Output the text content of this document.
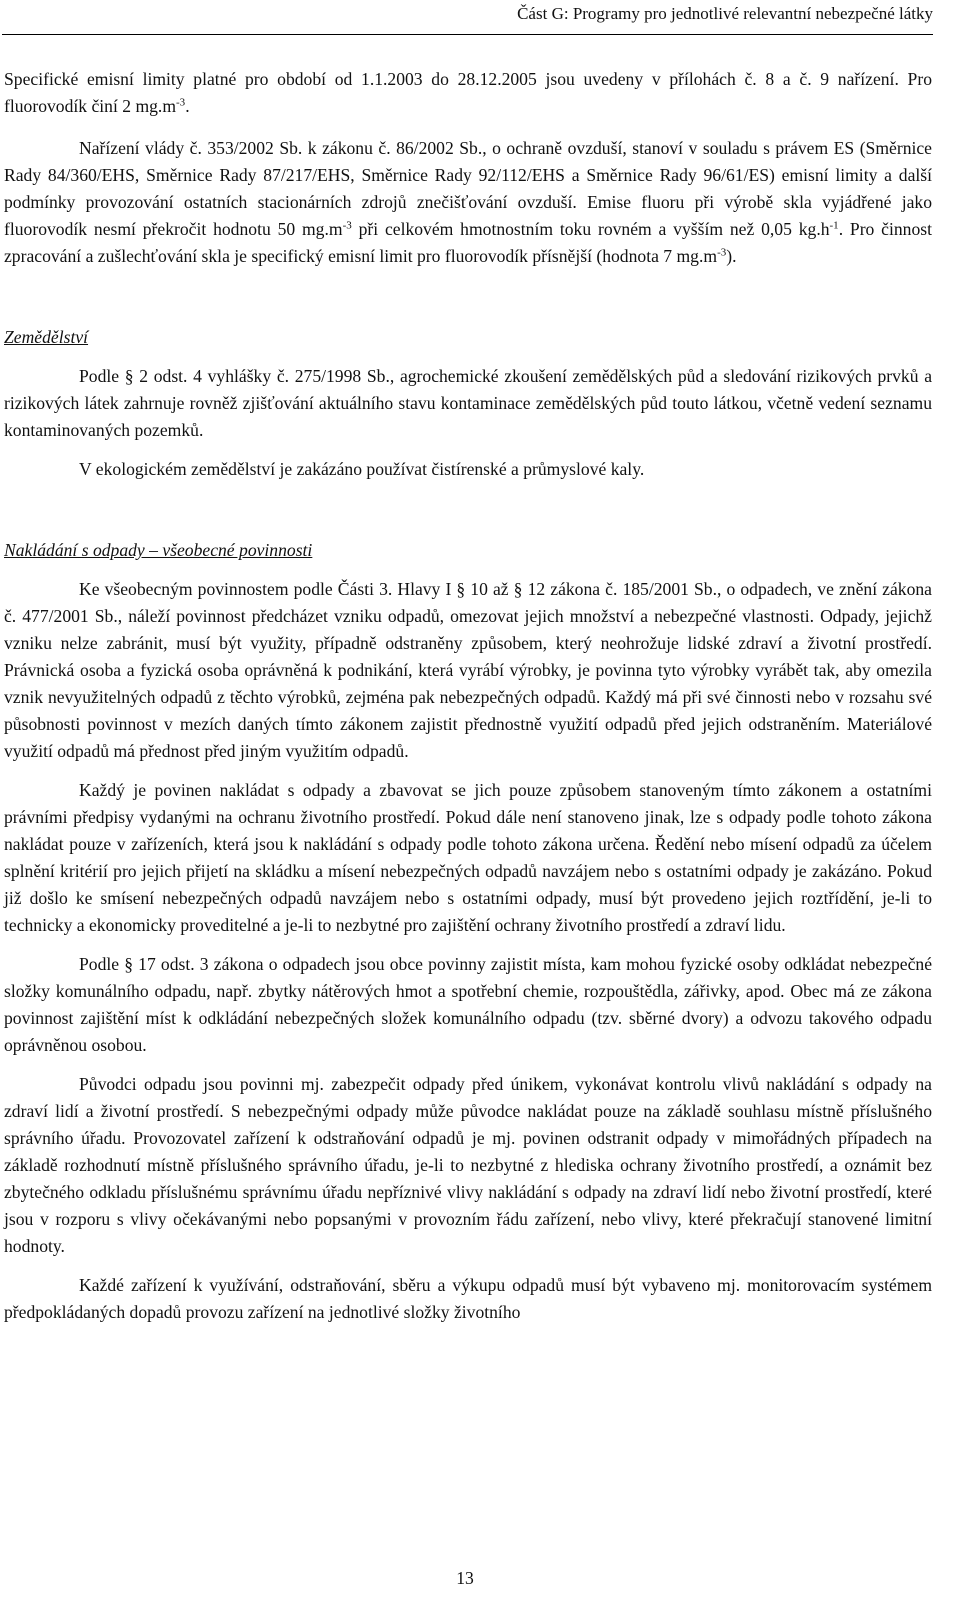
Část G: Programy pro jednotlivé relevantní nebezpečné látky

Specifické emisní limity platné pro období od 1.1.2003 do 28.12.2005 jsou uvedeny v přílohách č. 8 a č. 9 nařízení. Pro fluorovodík činí 2 $mg.m^{-3}$.

Nařízení vlády č. 353/2002 Sb. k zákonu č. 86/2002 Sb., o ochraně ovzduší, stanoví v souladu s právem ES (Směrnice Rady 84/360/EHS, Směrnice Rady 87/217/EHS, Směrnice Rady 92/112/EHS a Směrnice Rady 96/61/ES) emisní limity a další podmínky provozování ostatních stacionárních zdrojů znečišťování ovzduší. Emise fluoru při výrobě skla vyjádřené jako fluorovodík nesmí překročit hodnotu 50 $mg.m^{-3}$ při celkovém hmotnostním toku rovném a vyšším než 0,05 $kg.h^{-1}$. Pro činnost zpracování a zušlechťování skla je specifický emisní limit pro fluorovodík přísnější (hodnota 7 $mg.m^{-3}$).

Zemědělství

Podle § 2 odst. 4 vyhlášky č. 275/1998 Sb., agrochemické zkoušení zemědělských půd a sledování rizikových prvků a rizikových látek zahrnuje rovněž zjišťování aktuálního stavu kontaminace zemědělských půd touto látkou, včetně vedení seznamu kontaminovaných pozemků.

V ekologickém zemědělství je zakázáno používat čistírenské a průmyslové kaly.

Nakládání s odpady – všeobecné povinnosti

Ke všeobecným povinnostem podle Části 3. Hlavy I § 10 až § 12 zákona č. 185/2001 Sb., o odpadech, ve znění zákona č. 477/2001 Sb., náleží povinnost předcházet vzniku odpadů, omezovat jejich množství a nebezpečné vlastnosti. Odpady, jejichž vzniku nelze zabránit, musí být využity, případně odstraněny způsobem, který neohrožuje lidské zdraví a životní prostředí. Právnická osoba a fyzická osoba oprávněná k podnikání, která vyrábí výrobky, je povinna tyto výrobky vyrábět tak, aby omezila vznik nevyužitelných odpadů z těchto výrobků, zejména pak nebezpečných odpadů. Každý má při své činnosti nebo v rozsahu své působnosti povinnost v mezích daných tímto zákonem zajistit přednostně využití odpadů před jejich odstraněním. Materiálové využití odpadů má přednost před jiným využitím odpadů.

Každý je povinen nakládat s odpady a zbavovat se jich pouze způsobem stanoveným tímto zákonem a ostatními právními předpisy vydanými na ochranu životního prostředí. Pokud dále není stanoveno jinak, lze s odpady podle tohoto zákona nakládat pouze v zařízeních, která jsou k nakládání s odpady podle tohoto zákona určena. Ředění nebo mísení odpadů za účelem splnění kritérií pro jejich přijetí na skládku a mísení nebezpečných odpadů navzájem nebo s ostatními odpady je zakázáno. Pokud již došlo ke smísení nebezpečných odpadů navzájem nebo s ostatními odpady, musí být provedeno jejich roztřídění, je-li to technicky a ekonomicky proveditelné a je-li to nezbytné pro zajištění ochrany životního prostředí a zdraví lidu.

Podle § 17 odst. 3 zákona o odpadech jsou obce povinny zajistit místa, kam mohou fyzické osoby odkládat nebezpečné složky komunálního odpadu, např. zbytky nátěrových hmot a spotřební chemie, rozpouštědla, zářivky, apod. Obec má ze zákona povinnost zajištění míst k odkládání nebezpečných složek komunálního odpadu (tzv. sběrné dvory) a odvozu takového odpadu oprávněnou osobou.

Původci odpadu jsou povinni mj. zabezpečit odpady před únikem, vykonávat kontrolu vlivů nakládání s odpady na zdraví lidí a životní prostředí. S nebezpečnými odpady může původce nakládat pouze na základě souhlasu místně příslušného správního úřadu. Provozovatel zařízení k odstraňování odpadů je mj. povinen odstranit odpady v mimořádných případech na základě rozhodnutí místně příslušného správního úřadu, je-li to nezbytné z hlediska ochrany životního prostředí, a oznámit bez zbytečného odkladu příslušnému správnímu úřadu nepříznivé vlivy nakládání s odpady na zdraví lidí nebo životní prostředí, které jsou v rozporu s vlivy očekávanými nebo popsanými v provozním řádu zařízení, nebo vlivy, které překračují stanovené limitní hodnoty.

Každé zařízení k využívání, odstraňování, sběru a výkupu odpadů musí být vybaveno mj. monitorovacím systémem předpokládaných dopadů provozu zařízení na jednotlivé složky životního

13
